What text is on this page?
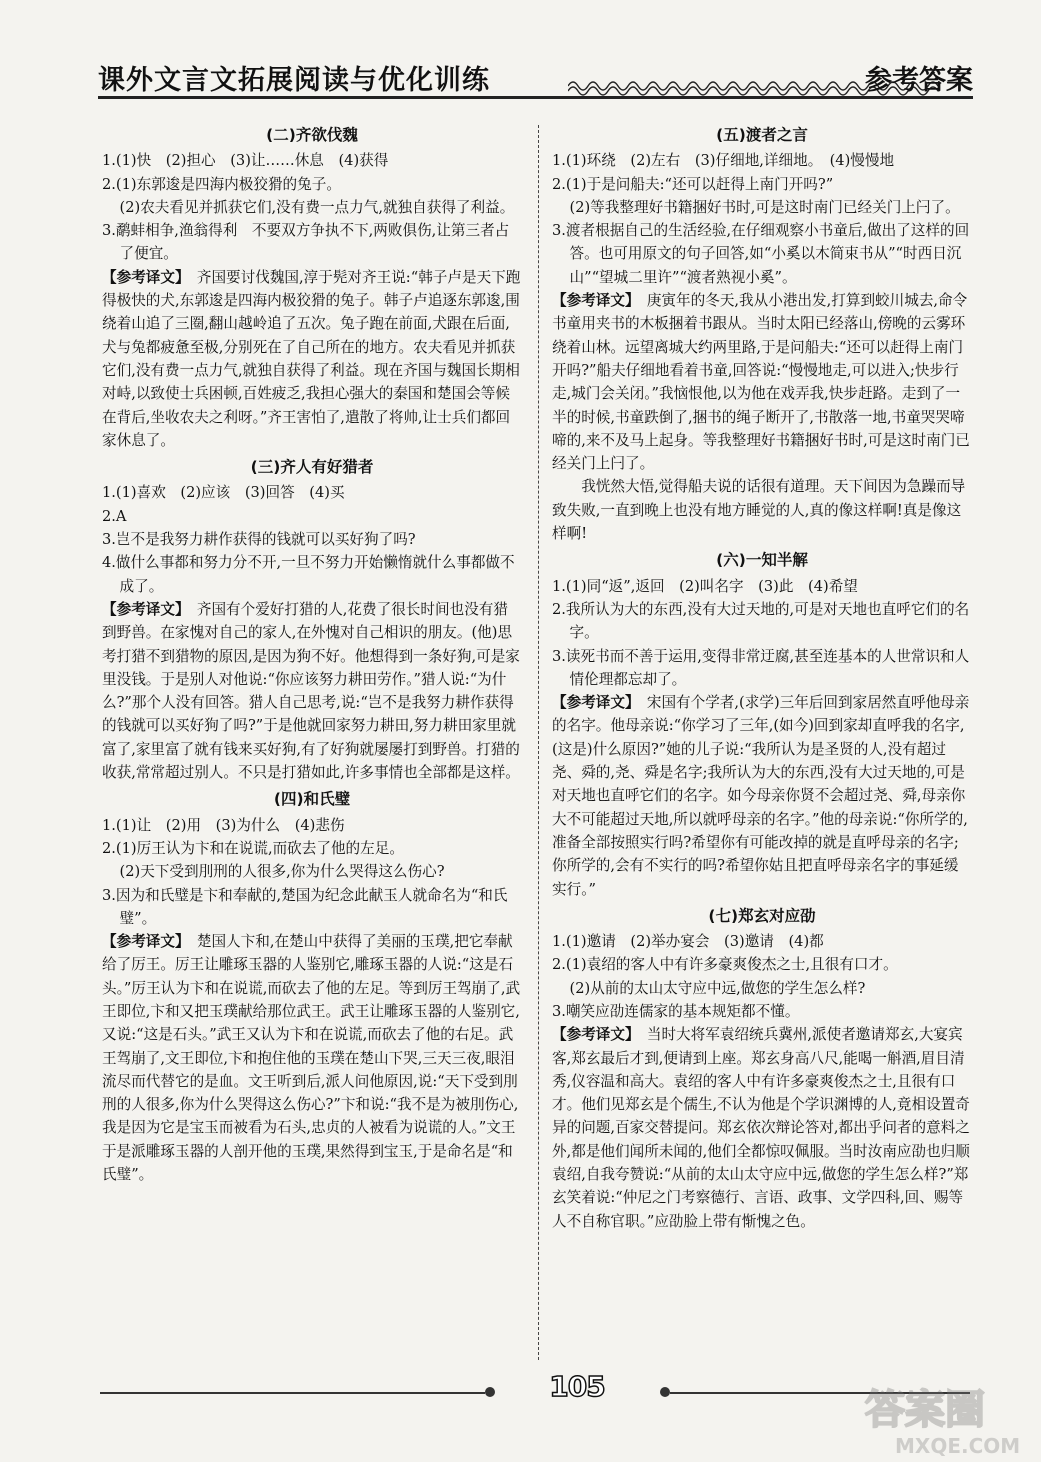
课外文言文拓展阅读与优化训练	参考答案
(二)齐欲伐魏

1.(1)快　(2)担心　(3)让……休息　(4)获得

2.(1)东郭逡是四海内极狡猾的兔子。

(2)农夫看见并抓获它们,没有费一点力气,就独自获得了利益。

3.鹬蚌相争,渔翁得利　不要双方争执不下,两败俱伤,让第三者占了便宜。

【参考译文】　齐国要讨伐魏国,淳于髡对齐王说:“韩子卢是天下跑得极快的犬,东郭逡是四海内极狡猾的兔子。韩子卢追逐东郭逡,围绕着山追了三圈,翻山越岭追了五次。兔子跑在前面,犬跟在后面,犬与兔都疲惫至极,分别死在了自己所在的地方。农夫看见并抓获它们,没有费一点力气,就独自获得了利益。现在齐国与魏国长期相对峙,以致使士兵困顿,百姓疲乏,我担心强大的秦国和楚国会等候在背后,坐收农夫之利呀。”齐王害怕了,遣散了将帅,让士兵们都回家休息了。

(三)齐人有好猎者

1.(1)喜欢　(2)应该　(3)回答　(4)买

2.A

3.岂不是我努力耕作获得的钱就可以买好狗了吗?

4.做什么事都和努力分不开,一旦不努力开始懒惰就什么事都做不成了。

【参考译文】　齐国有个爱好打猎的人,花费了很长时间也没有猎到野兽。在家愧对自己的家人,在外愧对自己相识的朋友。(他)思考打猎不到猎物的原因,是因为狗不好。他想得到一条好狗,可是家里没钱。于是别人对他说:“你应该努力耕田劳作。”猎人说:“为什么?”那个人没有回答。猎人自己思考,说:“岂不是我努力耕作获得的钱就可以买好狗了吗?”于是他就回家努力耕田,努力耕田家里就富了,家里富了就有钱来买好狗,有了好狗就屡屡打到野兽。打猎的收获,常常超过别人。不只是打猎如此,许多事情也全部都是这样。

(四)和氏璧

1.(1)让　(2)用　(3)为什么　(4)悲伤

2.(1)厉王认为卞和在说谎,而砍去了他的左足。

(2)天下受到刖刑的人很多,你为什么哭得这么伤心?

3.因为和氏璧是卞和奉献的,楚国为纪念此献玉人就命名为“和氏璧”。

【参考译文】　楚国人卞和,在楚山中获得了美丽的玉璞,把它奉献给了厉王。厉王让雕琢玉器的人鉴别它,雕琢玉器的人说:“这是石头。”厉王认为卞和在说谎,而砍去了他的左足。等到厉王驾崩了,武王即位,卞和又把玉璞献给那位武王。武王让雕琢玉器的人鉴别它,又说:“这是石头。”武王又认为卞和在说谎,而砍去了他的右足。武王驾崩了,文王即位,卞和抱住他的玉璞在楚山下哭,三天三夜,眼泪流尽而代替它的是血。文王听到后,派人问他原因,说:“天下受到刖刑的人很多,你为什么哭得这么伤心?”卞和说:“我不是为被刖伤心,我是因为它是宝玉而被看为石头,忠贞的人被看为说谎的人。”文王于是派雕琢玉器的人剖开他的玉璞,果然得到宝玉,于是命名是“和氏璧”。

(五)渡者之言

1.(1)环绕　(2)左右　(3)仔细地,详细地。　(4)慢慢地

2.(1)于是问船夫:“还可以赶得上南门开吗?”

(2)等我整理好书籍捆好书时,可是这时南门已经关门上闩了。

3.渡者根据自己的生活经验,在仔细观察小书童后,做出了这样的回答。也可用原文的句子回答,如“小奚以木简束书从”“时西日沉山”“望城二里许”“渡者熟视小奚”。

【参考译文】　庚寅年的冬天,我从小港出发,打算到蛟川城去,命令书童用夹书的木板捆着书跟从。当时太阳已经落山,傍晚的云雾环绕着山林。远望离城大约两里路,于是问船夫:“还可以赶得上南门开吗?”船夫仔细地看着书童,回答说:“慢慢地走,可以进入;快步行走,城门会关闭。”我恼恨他,以为他在戏弄我,快步赶路。走到了一半的时候,书童跌倒了,捆书的绳子断开了,书散落一地,书童哭哭啼啼的,来不及马上起身。等我整理好书籍捆好书时,可是这时南门已经关门上闩了。

我恍然大悟,觉得船夫说的话很有道理。天下间因为急躁而导致失败,一直到晚上也没有地方睡觉的人,真的像这样啊!真是像这样啊!

(六)一知半解

1.(1)同“返”,返回　(2)叫名字　(3)此　(4)希望

2.我所认为大的东西,没有大过天地的,可是对天地也直呼它们的名字。

3.读死书而不善于运用,变得非常迂腐,甚至连基本的人世常识和人情伦理都忘却了。

【参考译文】　宋国有个学者,(求学)三年后回到家居然直呼他母亲的名字。他母亲说:“你学习了三年,(如今)回到家却直呼我的名字,(这是)什么原因?”她的儿子说:“我所认为是圣贤的人,没有超过尧、舜的,尧、舜是名字;我所认为大的东西,没有大过天地的,可是对天地也直呼它们的名字。如今母亲你贤不会超过尧、舜,母亲你大不可能超过天地,所以就呼母亲的名字。”他的母亲说:“你所学的,准备全部按照实行吗?希望你有可能改掉的就是直呼母亲的名字;你所学的,会有不实行的吗?希望你姑且把直呼母亲名字的事延缓实行。”

(七)郑玄对应劭

1.(1)邀请　(2)举办宴会　(3)邀请　(4)都

2.(1)袁绍的客人中有许多豪爽俊杰之士,且很有口才。

(2)从前的太山太守应中远,做您的学生怎么样?

3.嘲笑应劭连儒家的基本规矩都不懂。

【参考译文】　当时大将军袁绍统兵冀州,派使者邀请郑玄,大宴宾客,郑玄最后才到,便请到上座。郑玄身高八尺,能喝一斛酒,眉目清秀,仪容温和高大。袁绍的客人中有许多豪爽俊杰之士,且很有口才。他们见郑玄是个儒生,不认为他是个学识渊博的人,竟相设置奇异的问题,百家交替提问。郑玄依次辩论答对,都出乎问者的意料之外,都是他们闻所未闻的,他们全都惊叹佩服。当时汝南应劭也归顺袁绍,自我夸赞说:“从前的太山太守应中远,做您的学生怎么样?”郑玄笑着说:“仲尼之门考察德行、言语、政事、文学四科,回、赐等人不自称官职。”应劭脸上带有惭愧之色。

105
答案圈
MXQE.COM
